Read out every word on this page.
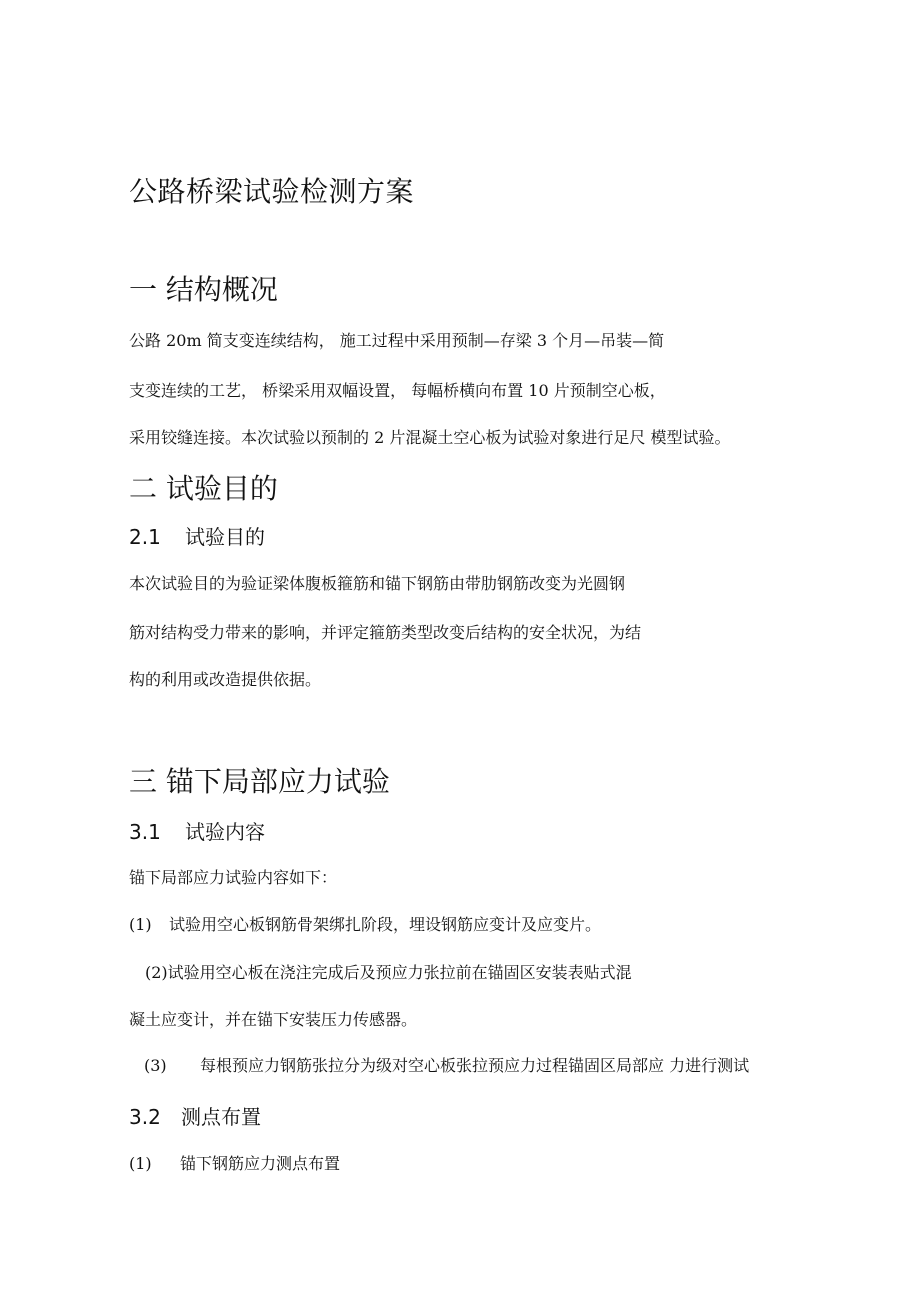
公路桥梁试验检测方案
一 结构概况

公路 20m 简支变连续结构， 施工过程中采用预制—存梁 3 个月—吊装—简

支变连续的工艺， 桥梁采用双幅设置， 每幅桥横向布置 10 片预制空心板，

采用铰缝连接。本次试验以预制的 2 片混凝土空心板为试验对象进行足尺 模型试验。

二 试验目的
2.1 试验目的

本次试验目的为验证梁体腹板箍筋和锚下钢筋由带肋钢筋改变为光圆钢

筋对结构受力带来的影响，并评定箍筋类型改变后结构的安全状况，为结

构的利用或改造提供依据。

三 锚下局部应力试验
3.1 试验内容

锚下局部应力试验内容如下：

(1) 试验用空心板钢筋骨架绑扎阶段，埋设钢筋应变计及应变片。

(2)试验用空心板在浇注完成后及预应力张拉前在锚固区安装表贴式混

凝土应变计，并在锚下安装压力传感器。

(3) 每根预应力钢筋张拉分为级对空心板张拉预应力过程锚固区局部应 力进行测试

3.2 测点布置

(1) 锚下钢筋应力测点布置
